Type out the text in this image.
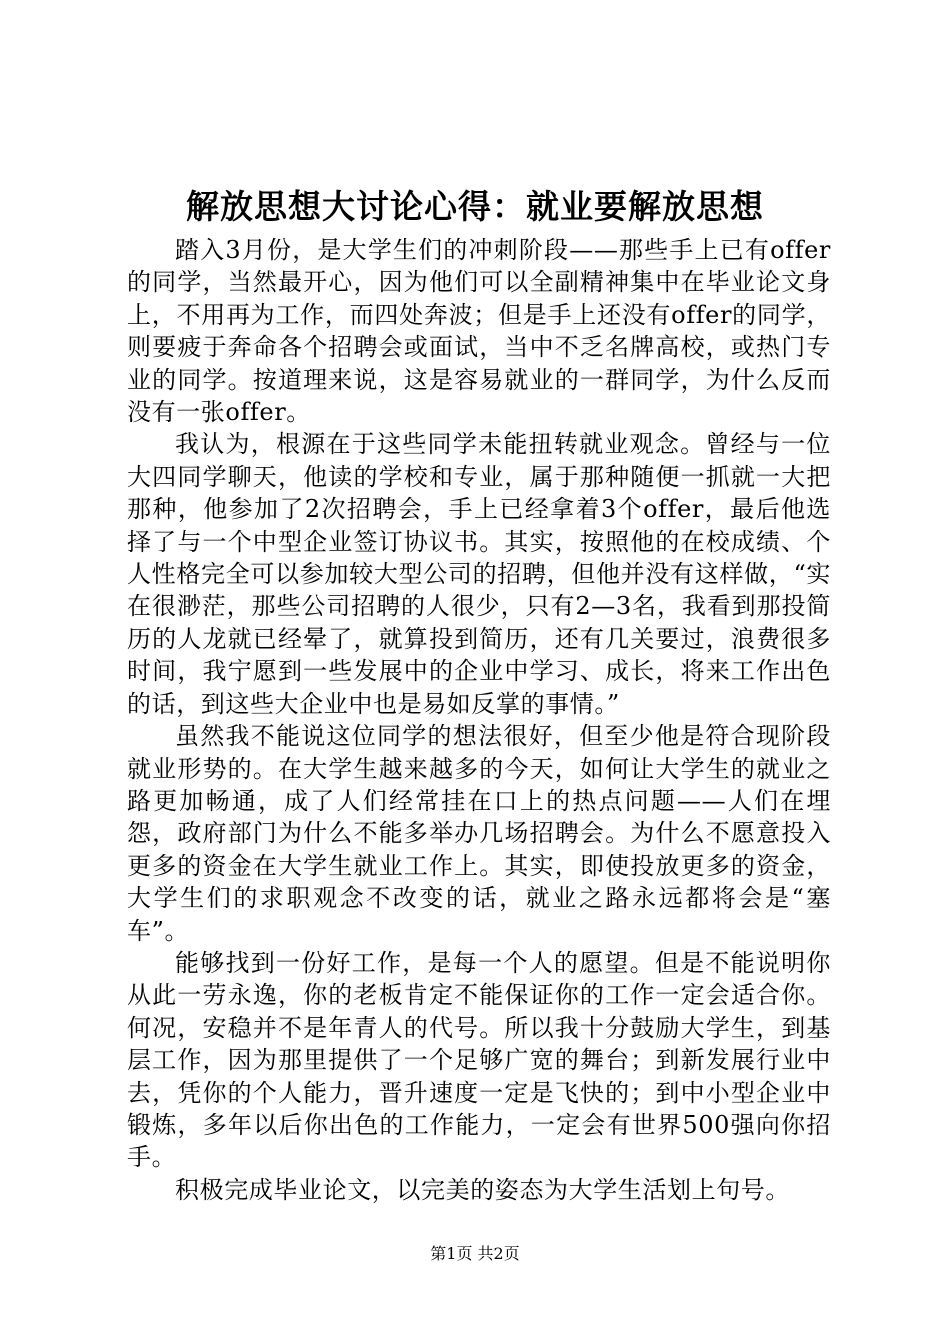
解放思想大讨论心得：就业要解放思想

踏入3月份，是大学生们的冲刺阶段——那些手上已有offer的同学，当然最开心，因为他们可以全副精神集中在毕业论文身上，不用再为工作，而四处奔波；但是手上还没有offer的同学，则要疲于奔命各个招聘会或面试，当中不乏名牌高校，或热门专业的同学。按道理来说，这是容易就业的一群同学，为什么反而没有一张offer。

我认为，根源在于这些同学未能扭转就业观念。曾经与一位大四同学聊天，他读的学校和专业，属于那种随便一抓就一大把那种，他参加了2次招聘会，手上已经拿着3个offer，最后他选择了与一个中型企业签订协议书。其实，按照他的在校成绩、个人性格完全可以参加较大型公司的招聘，但他并没有这样做，“实在很渺茫，那些公司招聘的人很少，只有2—3名，我看到那投简历的人龙就已经晕了，就算投到简历，还有几关要过，浪费很多时间，我宁愿到一些发展中的企业中学习、成长，将来工作出色的话，到这些大企业中也是易如反掌的事情。”

虽然我不能说这位同学的想法很好，但至少他是符合现阶段就业形势的。在大学生越来越多的今天，如何让大学生的就业之路更加畅通，成了人们经常挂在口上的热点问题——人们在埋怨，政府部门为什么不能多举办几场招聘会。为什么不愿意投入更多的资金在大学生就业工作上。其实，即使投放更多的资金，大学生们的求职观念不改变的话，就业之路永远都将会是“塞车”。

能够找到一份好工作，是每一个人的愿望。但是不能说明你从此一劳永逸，你的老板肯定不能保证你的工作一定会适合你。何况，安稳并不是年青人的代号。所以我十分鼓励大学生，到基层工作，因为那里提供了一个足够广宽的舞台；到新发展行业中去，凭你的个人能力，晋升速度一定是飞快的；到中小型企业中锻炼，多年以后你出色的工作能力，一定会有世界500强向你招手。

积极完成毕业论文，以完美的姿态为大学生活划上句号。

第1页 共2页
